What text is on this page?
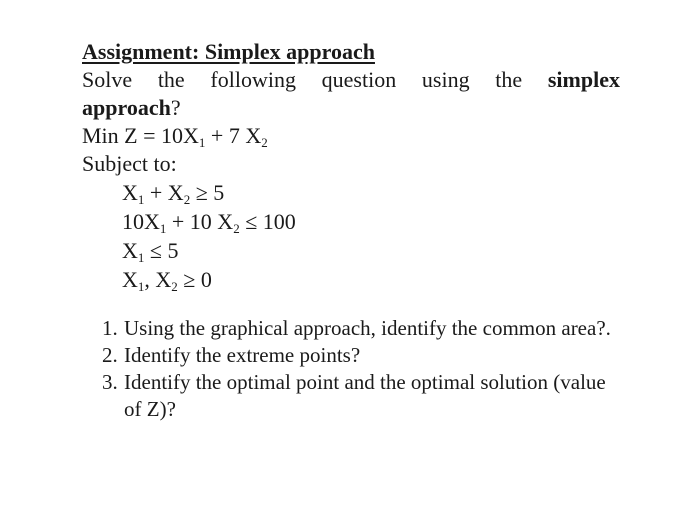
Assignment: Simplex approach

Solve the following question using the simplex

approach?

Min $Z = 10X_1 + 7$ $X_2$

Subject to:

$X_1 + X_2 \ge 5$
$10X_1 + 10$ $X_2 \le 100$
$X_1 \le 5$
$X_1$, $X_2 \ge 0$
1. Using the graphical approach, identify the common area?.
2. Identify the extreme points?
3. Identify the optimal point and the optimal solution (value of Z)?
